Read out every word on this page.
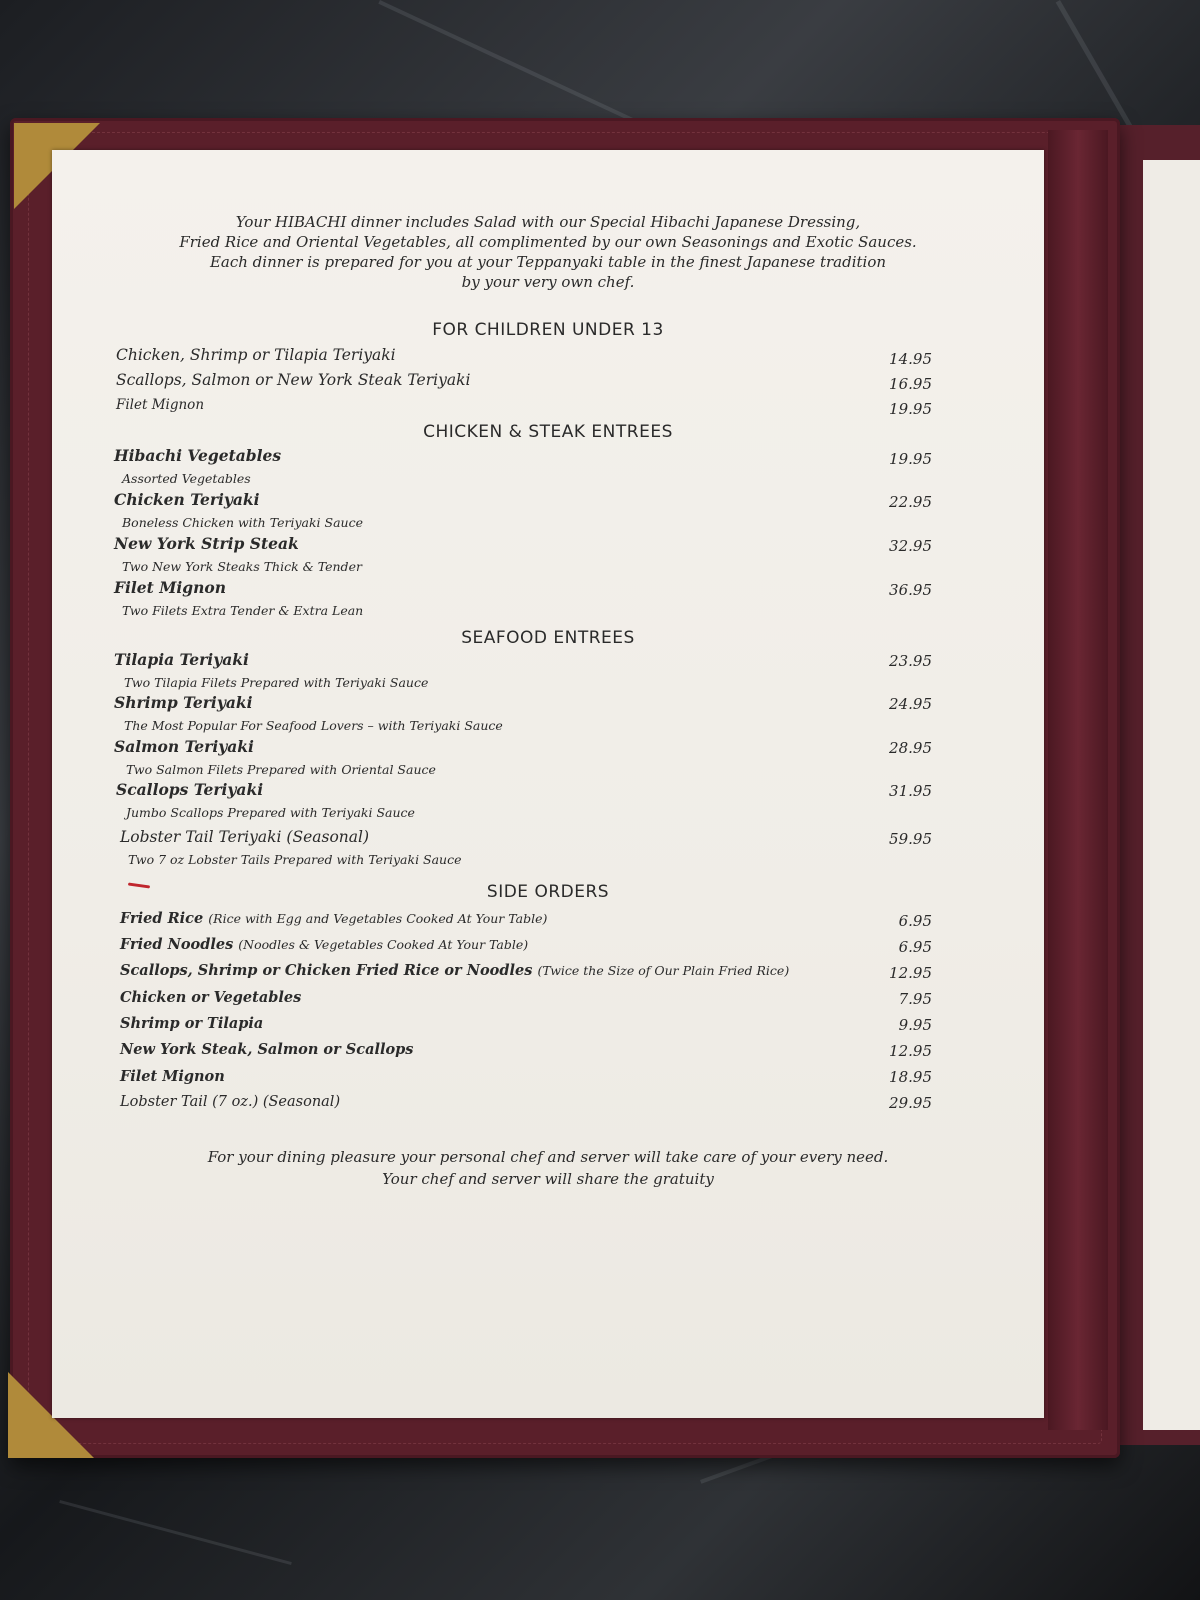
Your HIBACHI dinner includes Salad with our Special Hibachi Japanese Dressing,
Fried Rice and Oriental Vegetables, all complimented by our own Seasonings and Exotic Sauces.
Each dinner is prepared for you at your Teppanyaki table in the finest Japanese tradition
by your very own chef.
FOR CHILDREN UNDER 13
Chicken, Shrimp or Tilapia Teriyaki	14.95
Scallops, Salmon or New York Steak Teriyaki	16.95
Filet Mignon	19.95
CHICKEN & STEAK ENTREES
Hibachi Vegetables	19.95
Assorted Vegetables
Chicken Teriyaki	22.95
Boneless Chicken with Teriyaki Sauce
New York Strip Steak	32.95
Two New York Steaks Thick & Tender
Filet Mignon	36.95
Two Filets Extra Tender & Extra Lean
SEAFOOD ENTREES
Tilapia Teriyaki	23.95
Two Tilapia Filets Prepared with Teriyaki Sauce
Shrimp Teriyaki	24.95
The Most Popular For Seafood Lovers – with Teriyaki Sauce
Salmon Teriyaki	28.95
Two Salmon Filets Prepared with Oriental Sauce
Scallops Teriyaki	31.95
Jumbo Scallops Prepared with Teriyaki Sauce
Lobster Tail Teriyaki (Seasonal)	59.95
Two 7 oz Lobster Tails Prepared with Teriyaki Sauce
SIDE ORDERS
Fried Rice (Rice with Egg and Vegetables Cooked At Your Table)	6.95
Fried Noodles (Noodles & Vegetables Cooked At Your Table)	6.95
Scallops, Shrimp or Chicken Fried Rice or Noodles (Twice the Size of Our Plain Fried Rice)	12.95
Chicken or Vegetables	7.95
Shrimp or Tilapia	9.95
New York Steak, Salmon or Scallops	12.95
Filet Mignon	18.95
Lobster Tail (7 oz.) (Seasonal)	29.95
For your dining pleasure your personal chef and server will take care of your every need.
Your chef and server will share the gratuity
